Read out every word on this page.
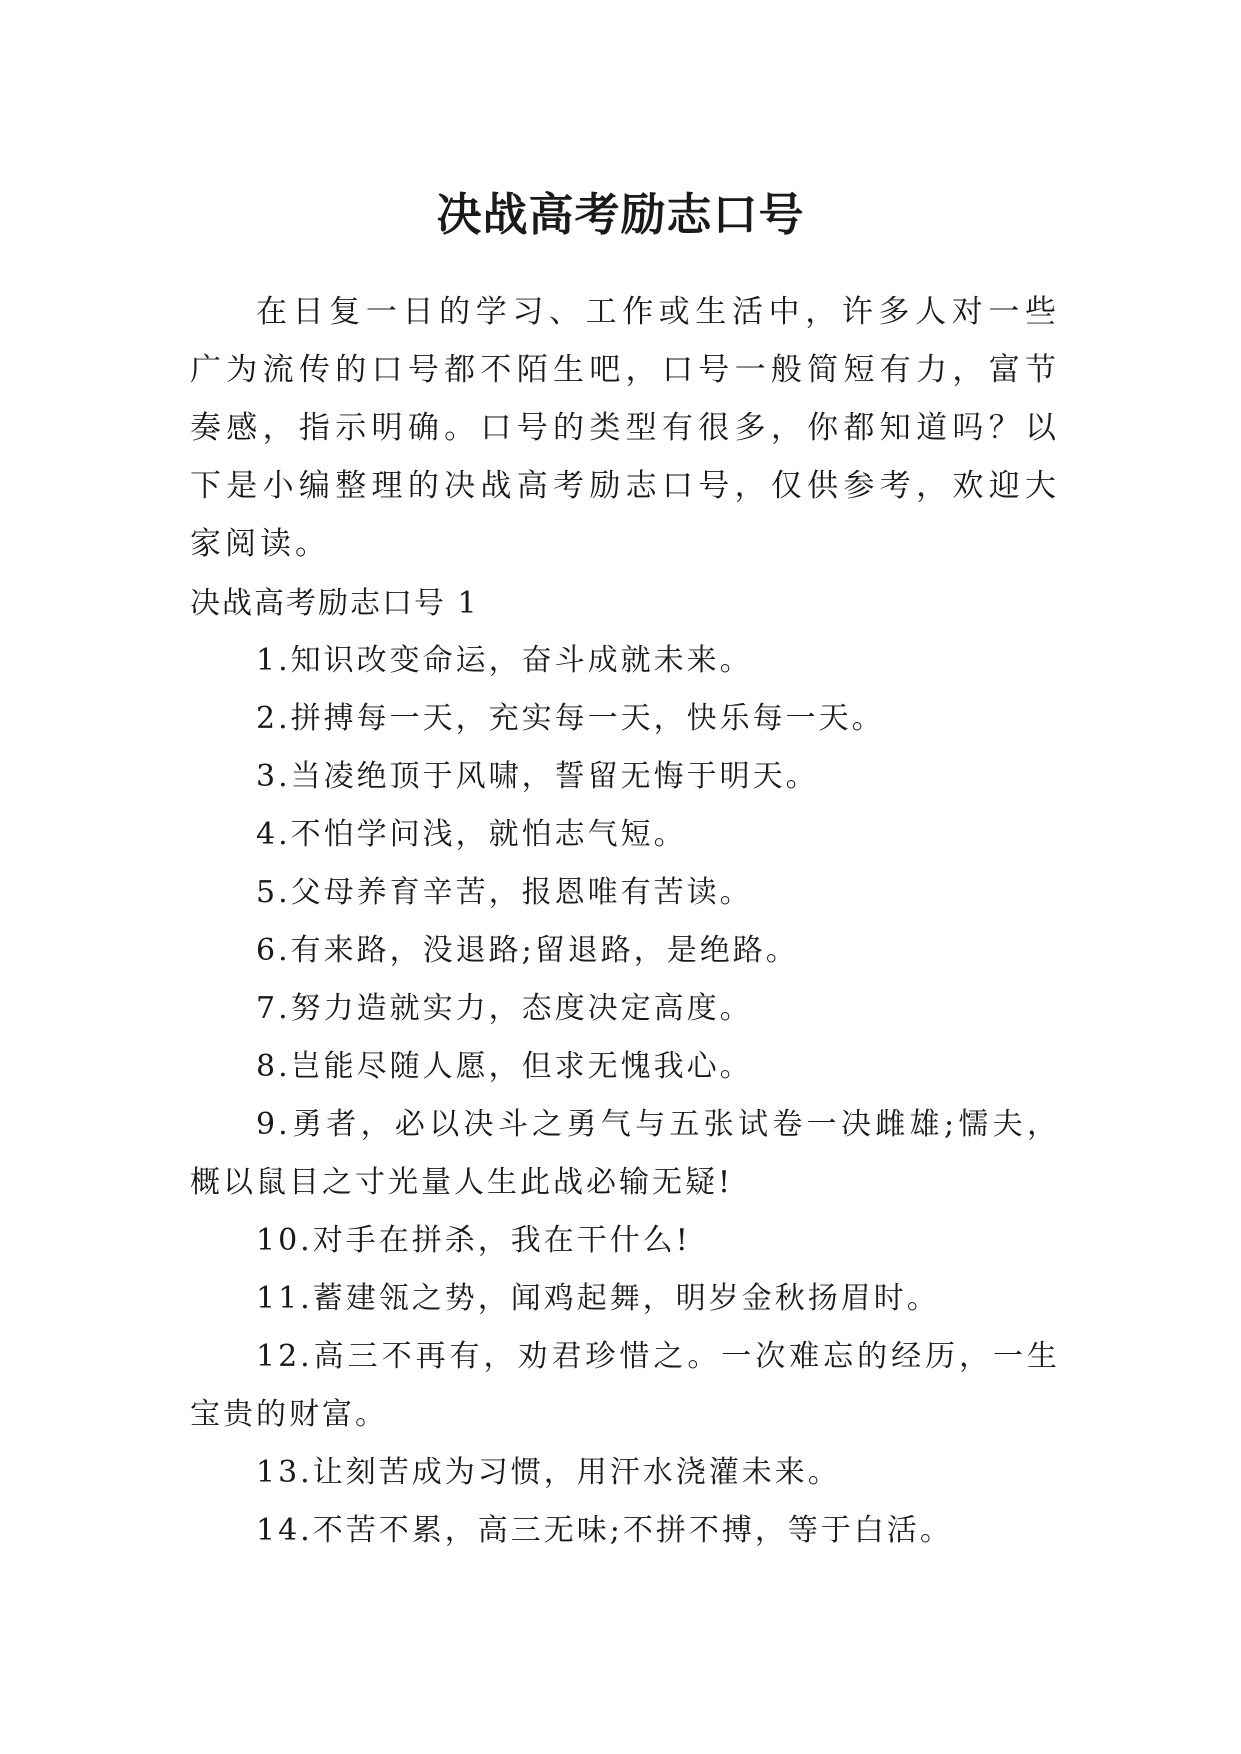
决战高考励志口号

在日复一日的学习、工作或生活中，许多人对一些广为流传的口号都不陌生吧，口号一般简短有力，富节奏感，指示明确。口号的类型有很多，你都知道吗？以下是小编整理的决战高考励志口号，仅供参考，欢迎大家阅读。

决战高考励志口号 1

1.知识改变命运，奋斗成就未来。
2.拼搏每一天，充实每一天，快乐每一天。
3.当凌绝顶于风啸，誓留无悔于明天。
4.不怕学问浅，就怕志气短。
5.父母养育辛苦，报恩唯有苦读。
6.有来路，没退路;留退路，是绝路。
7.努力造就实力，态度决定高度。
8.岂能尽随人愿，但求无愧我心。
9.勇者，必以决斗之勇气与五张试卷一决雌雄;懦夫，概以鼠目之寸光量人生此战必输无疑!
10.对手在拼杀，我在干什么!
11.蓄建瓴之势，闻鸡起舞，明岁金秋扬眉时。
12.高三不再有，劝君珍惜之。一次难忘的经历，一生宝贵的财富。
13.让刻苦成为习惯，用汗水浇灌未来。
14.不苦不累，高三无味;不拼不搏，等于白活。
